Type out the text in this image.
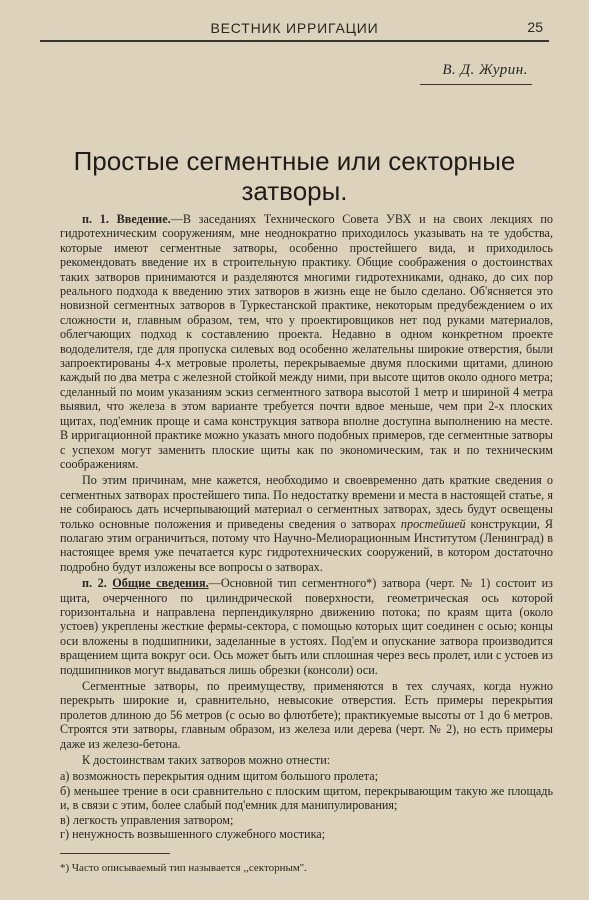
ВЕСТНИК ИРРИГАЦИИ	25
В. Д. Журин.
Простые сегментные или секторные затворы.

п. 1. Введение.—В заседаниях Технического Совета УВХ и на своих лекциях по гидротехническим сооружениям, мне неоднократно приходилось указывать на те удобства, которые имеют сегментные затворы, особенно простейшего вида, и приходилось рекомендовать введение их в строительную практику. Общие соображения о достоинствах таких затворов принимаются и разделяются многими гидротехниками, однако, до сих пор реального подхода к введению этих затворов в жизнь еще не было сделано. Об'ясняется это новизной сегментных затворов в Туркестанской практике, некоторым предубеждением о их сложности и, главным образом, тем, что у проектировщиков нет под руками материалов, облегчающих подход к составлению проекта. Недавно в одном конкретном проекте вододелителя, где для пропуска силевых вод особенно желательны широкие отверстия, были запроектированы 4-х метровые пролеты, перекрываемые двумя плоскими щитами, длиною каждый по два метра с железной стойкой между ними, при высоте щитов около одного метра; сделанный по моим указаниям эскиз сегментного затвора высотой 1 метр и шириной 4 метра выявил, что железа в этом варианте требуется почти вдвое меньше, чем при 2-х плоских щитах, под'емник проще и сама конструкция затвора вполне доступна выполнению на месте. В ирригационной практике можно указать много подобных примеров, где сегментные затворы с успехом могут заменить плоские щиты как по экономическим, так и по техническим соображениям.

По этим причинам, мне кажется, необходимо и своевременно дать краткие сведения о сегментных затворах простейшего типа. По недостатку времени и места в настоящей статье, я не собираюсь дать исчерпывающий материал о сегментных затворах, здесь будут освещены только основные положения и приведены сведения о затворах простейшей конструкции, Я полагаю этим ограничиться, потому что Научно-Мелиорационным Институтом (Ленинград) в настоящее время уже печатается курс гидротехнических сооружений, в котором достаточно подробно будут изложены все вопросы о затворах.

п. 2. Общие сведения.—Основной тип сегментного*) затвора (черт. № 1) состоит из щита, очерченного по цилиндрической поверхности, геометрическая ось которой горизонтальна и направлена перпендикулярно движению потока; по краям щита (около устоев) укреплены жесткие фермы-сектора, с помощью которых щит соединен с осью; концы оси вложены в подшипники, заделанные в устоях. Под'ем и опускание затвора производится вращением щита вокруг оси. Ось может быть или сплошная через весь пролет, или с устоев из подшипников могут выдаваться лишь обрезки (консоли) оси.

Сегментные затворы, по преимуществу, применяются в тех случаях, когда нужно перекрыть широкие и, сравнительно, невысокие отверстия. Есть примеры перекрытия пролетов длиною до 56 метров (с осью во флютбете); практикуемые высоты от 1 до 6 метров. Строятся эти затворы, главным образом, из железа или дерева (черт. № 2), но есть примеры даже из железо-бетона.

К достоинствам таких затворов можно отнести:

а) возможность перекрытия одним щитом большого пролета;
б) меньшее трение в оси сравнительно с плоским щитом, перекрывающим такую же площадь и, в связи с этим, более слабый под'емник для манипулирования;
в) легкость управления затвором;
г) ненужность возвышенного служебного мостика;
*) Часто описываемый тип называется ,,секторным''.
